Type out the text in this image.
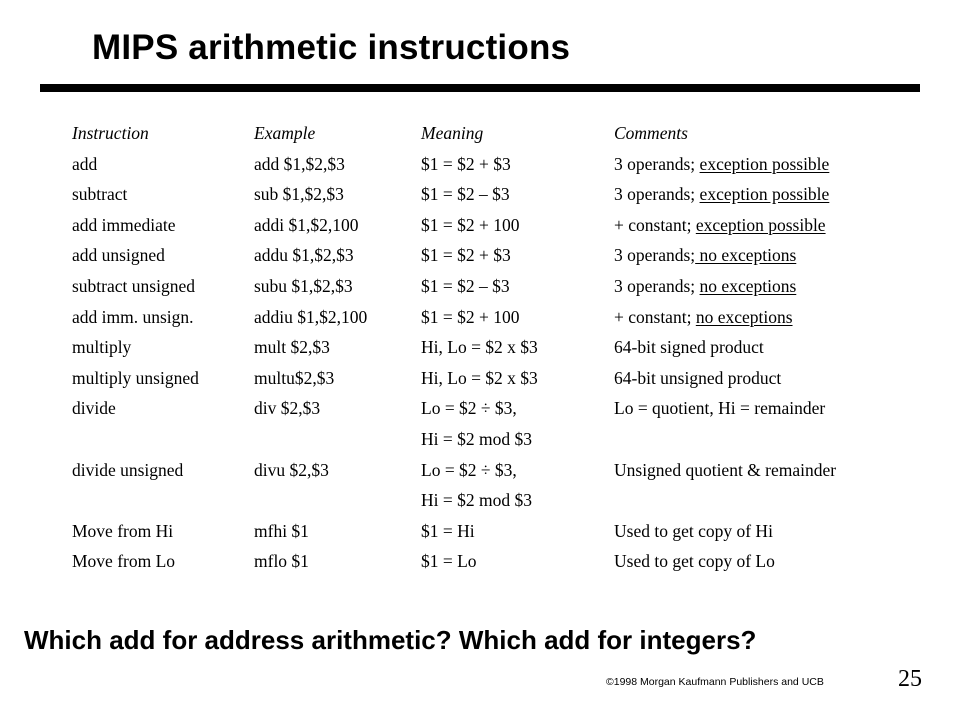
MIPS arithmetic instructions
Instruction	Example	Meaning	Comments
add	add $1,$2,$3	$1 = $2 + $3	3 operands; exception possible
subtract	sub $1,$2,$3	$1 = $2 – $3	3 operands; exception possible
add immediate	addi $1,$2,100	$1 = $2 + 100	+ constant; exception possible
add unsigned	addu $1,$2,$3	$1 = $2 + $3	3 operands; no exceptions
subtract unsigned	subu $1,$2,$3	$1 = $2 – $3	3 operands; no exceptions
add imm. unsign.	addiu $1,$2,100	$1 = $2 + 100	+ constant; no exceptions
multiply	mult $2,$3	Hi, Lo = $2 x $3	64-bit signed product
multiply unsigned	multu$2,$3	Hi, Lo = $2 x $3	64-bit unsigned product
divide	div $2,$3	Lo = $2 ÷ $3,	Lo = quotient, Hi = remainder
Hi = $2 mod $3
divide unsigned	divu $2,$3	Lo = $2 ÷ $3,	Unsigned quotient & remainder
Hi = $2 mod $3
Move from Hi	mfhi $1	$1 = Hi	Used to get copy of Hi
Move from Lo	mflo $1	$1 = Lo	Used to get copy of Lo
Which add for address arithmetic? Which add for integers?
©1998 Morgan Kaufmann Publishers and UCB	25
